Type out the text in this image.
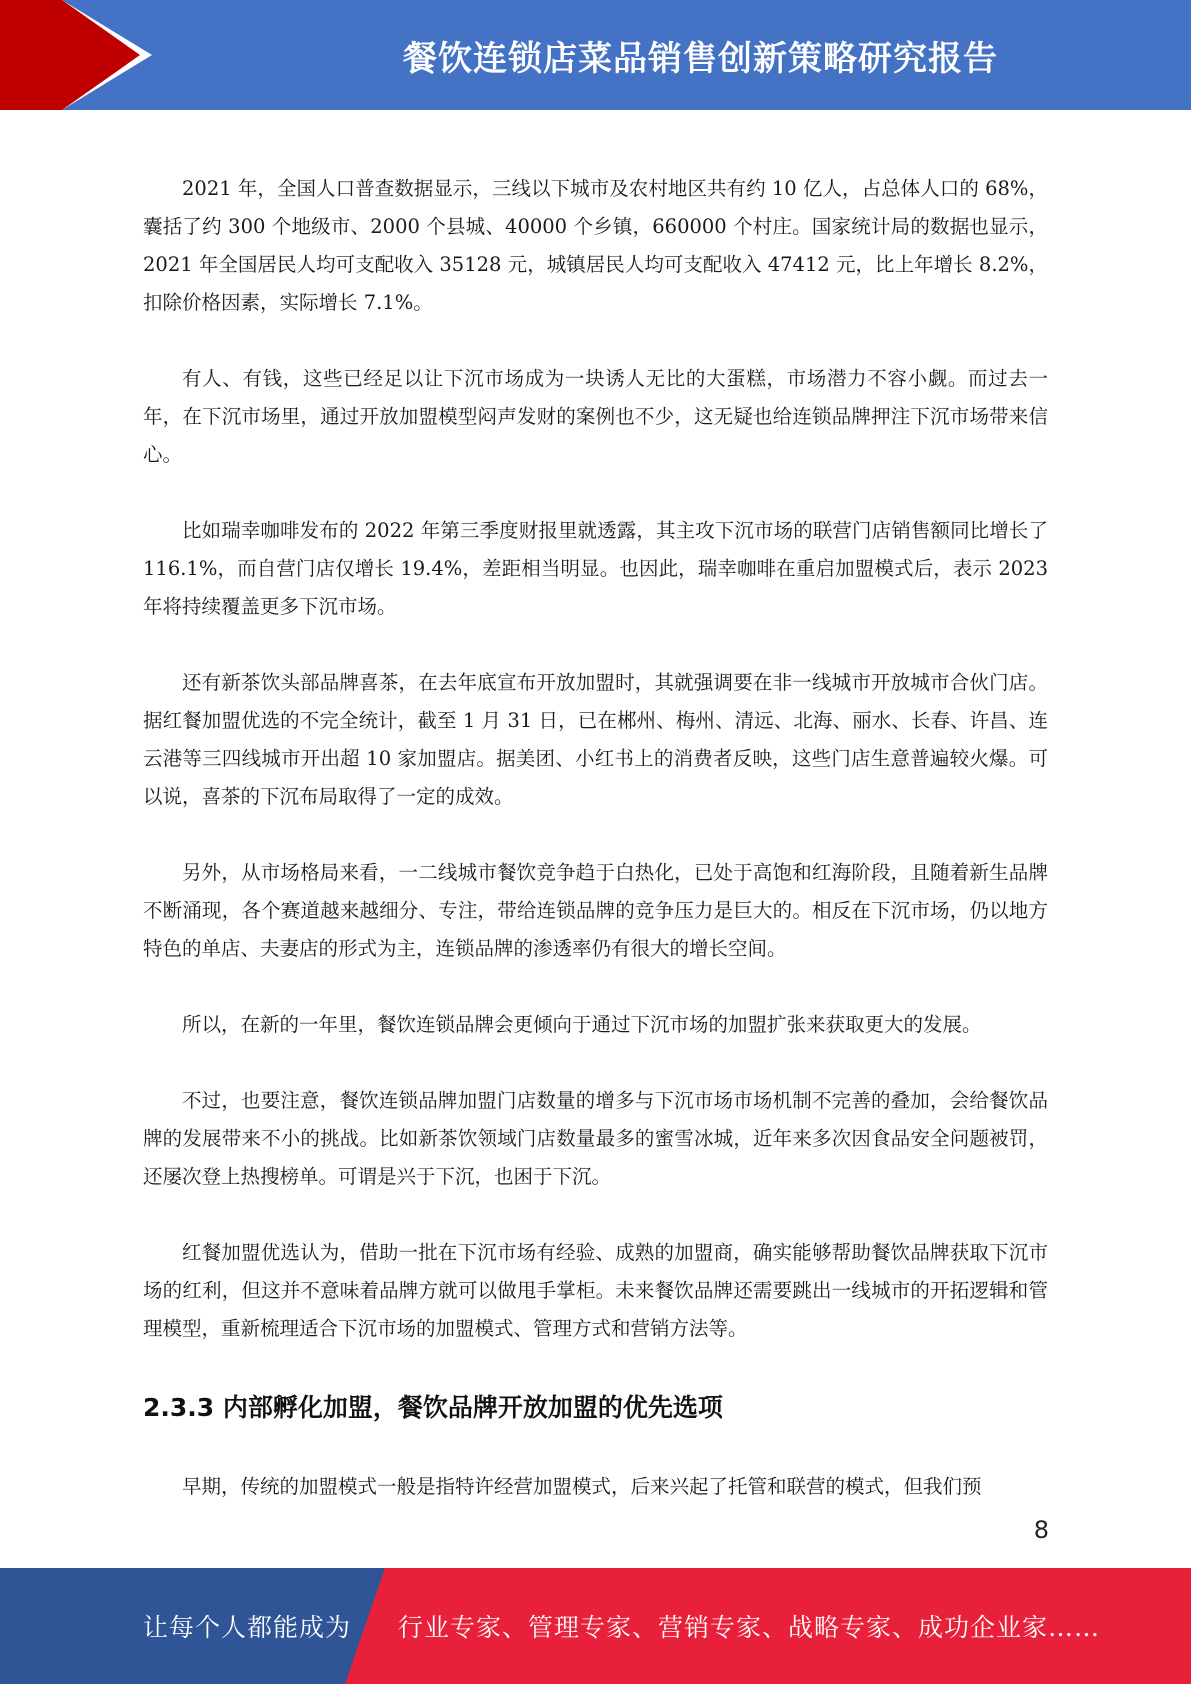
餐饮连锁店菜品销售创新策略研究报告

2021 年，全国人口普查数据显示，三线以下城市及农村地区共有约 10 亿人，占总体人口的 68%，囊括了约 300 个地级市、2000 个县城、40000 个乡镇，660000 个村庄。国家统计局的数据也显示，2021 年全国居民人均可支配收入 35128 元，城镇居民人均可支配收入 47412 元，比上年增长 8.2%，扣除价格因素，实际增长 7.1%。

有人、有钱，这些已经足以让下沉市场成为一块诱人无比的大蛋糕，市场潜力不容小觑。而过去一年，在下沉市场里，通过开放加盟模型闷声发财的案例也不少，这无疑也给连锁品牌押注下沉市场带来信心。

比如瑞幸咖啡发布的 2022 年第三季度财报里就透露，其主攻下沉市场的联营门店销售额同比增长了 116.1%，而自营门店仅增长 19.4%，差距相当明显。也因此，瑞幸咖啡在重启加盟模式后，表示 2023 年将持续覆盖更多下沉市场。

还有新茶饮头部品牌喜茶，在去年底宣布开放加盟时，其就强调要在非一线城市开放城市合伙门店。据红餐加盟优选的不完全统计，截至 1 月 31 日，已在郴州、梅州、清远、北海、丽水、长春、许昌、连云港等三四线城市开出超 10 家加盟店。据美团、小红书上的消费者反映，这些门店生意普遍较火爆。可以说，喜茶的下沉布局取得了一定的成效。

另外，从市场格局来看，一二线城市餐饮竞争趋于白热化，已处于高饱和红海阶段，且随着新生品牌不断涌现，各个赛道越来越细分、专注，带给连锁品牌的竞争压力是巨大的。相反在下沉市场，仍以地方特色的单店、夫妻店的形式为主，连锁品牌的渗透率仍有很大的增长空间。

所以，在新的一年里，餐饮连锁品牌会更倾向于通过下沉市场的加盟扩张来获取更大的发展。

不过，也要注意，餐饮连锁品牌加盟门店数量的增多与下沉市场市场机制不完善的叠加，会给餐饮品牌的发展带来不小的挑战。比如新茶饮领域门店数量最多的蜜雪冰城，近年来多次因食品安全问题被罚，还屡次登上热搜榜单。可谓是兴于下沉，也困于下沉。

红餐加盟优选认为，借助一批在下沉市场有经验、成熟的加盟商，确实能够帮助餐饮品牌获取下沉市场的红利，但这并不意味着品牌方就可以做甩手掌柜。未来餐饮品牌还需要跳出一线城市的开拓逻辑和管理模型，重新梳理适合下沉市场的加盟模式、管理方式和营销方法等。

2.3.3 内部孵化加盟，餐饮品牌开放加盟的优先选项

早期，传统的加盟模式一般是指特许经营加盟模式，后来兴起了托管和联营的模式，但我们预

8
让每个人都能成为 行业专家、管理专家、营销专家、战略专家、成功企业家……
